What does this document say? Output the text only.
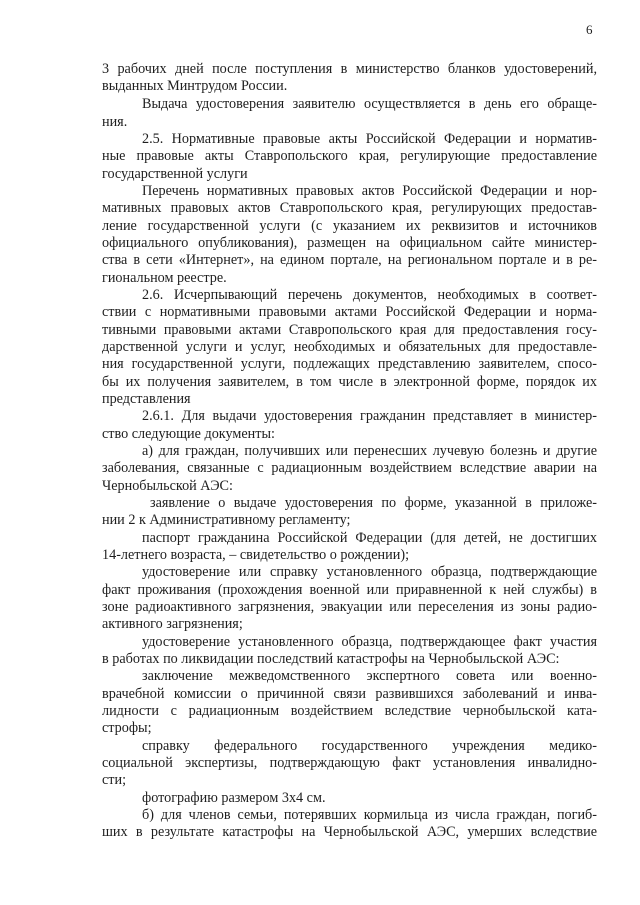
6
3 рабочих дней после поступления в министерство бланков удостоверений,
выданных Минтрудом России.
Выдача удостоверения заявителю осуществляется в день его обраще-
ния.
2.5. Нормативные правовые акты Российской Федерации и норматив-
ные правовые акты Ставропольского края, регулирующие предоставление
государственной услуги
Перечень нормативных правовых актов Российской Федерации и нор-
мативных правовых актов Ставропольского края, регулирующих предостав-
ление государственной услуги (с указанием их реквизитов и источников
официального опубликования), размещен на официальном сайте министер-
ства в сети «Интернет», на едином портале, на региональном портале и в ре-
гиональном реестре.
2.6. Исчерпывающий перечень документов, необходимых в соответ-
ствии с нормативными правовыми актами Российской Федерации и норма-
тивными правовыми актами Ставропольского края для предоставления госу-
дарственной услуги и услуг, необходимых и обязательных для предоставле-
ния государственной услуги, подлежащих представлению заявителем, спосо-
бы их получения заявителем, в том числе в электронной форме, порядок их
представления
2.6.1. Для выдачи удостоверения гражданин представляет в министер-
ство следующие документы:
а) для граждан, получивших или перенесших лучевую болезнь и другие
заболевания, связанные с радиационным воздействием вследствие аварии на
Чернобыльской АЭС:
заявление о выдаче удостоверения по форме, указанной в приложе-
нии 2 к Административному регламенту;
паспорт гражданина Российской Федерации (для детей, не достигших
14-летнего возраста, – свидетельство о рождении);
удостоверение или справку установленного образца, подтверждающие
факт проживания (прохождения военной или приравненной к ней службы) в
зоне радиоактивного загрязнения, эвакуации или переселения из зоны радио-
активного загрязнения;
удостоверение установленного образца, подтверждающее факт участия
в работах по ликвидации последствий катастрофы на Чернобыльской АЭС:
заключение межведомственного экспертного совета или военно-
врачебной комиссии о причинной связи развившихся заболеваний и инва-
лидности с радиационным воздействием вследствие чернобыльской ката-
строфы;
справку федерального государственного учреждения медико-
социальной экспертизы, подтверждающую факт установления инвалидно-
сти;
фотографию размером 3х4 см.
б) для членов семьи, потерявших кормильца из числа граждан, погиб-
ших в результате катастрофы на Чернобыльской АЭС, умерших вследствие
